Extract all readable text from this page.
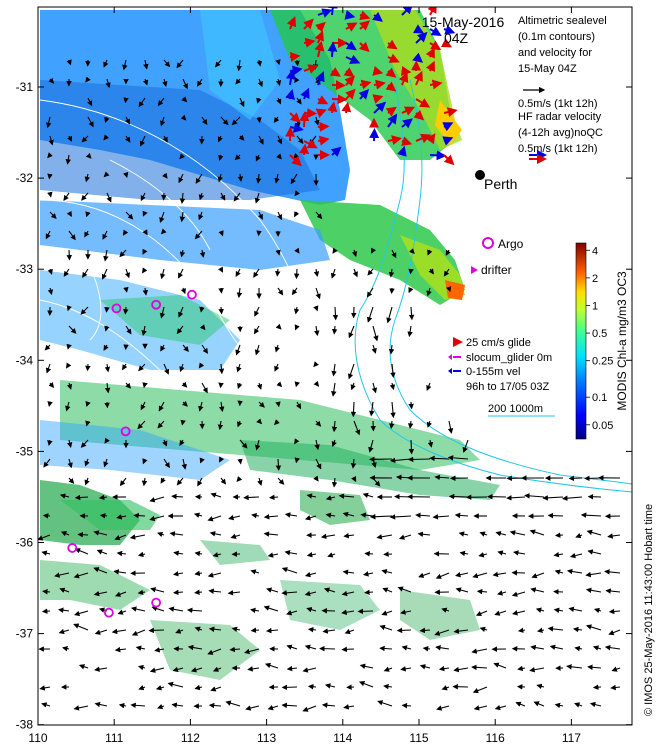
Perth
15-May-2016
04Z
Altimetric sealevel
(0.1m contours)
and velocity for
15-May 04Z
0.5m/s (1kt 12h)
HF radar velocity
(4-12h avg)noQC
0.5m/s (1kt 12h)
Argo
drifter
25 cm/s glide
slocum_glider 0m
0-155m vel
96h to 17/05 03Z
200 1000m
4
2
1
0.5
0.25
0.1
0.05
MODIS Chl-a mg/m3 OC3
110	111	112	113	114	115	116	117
-31
-32
-33
-34
-35
-36
-37
-38
© IMOS 25-May-2016 11:43:00 Hobart time
